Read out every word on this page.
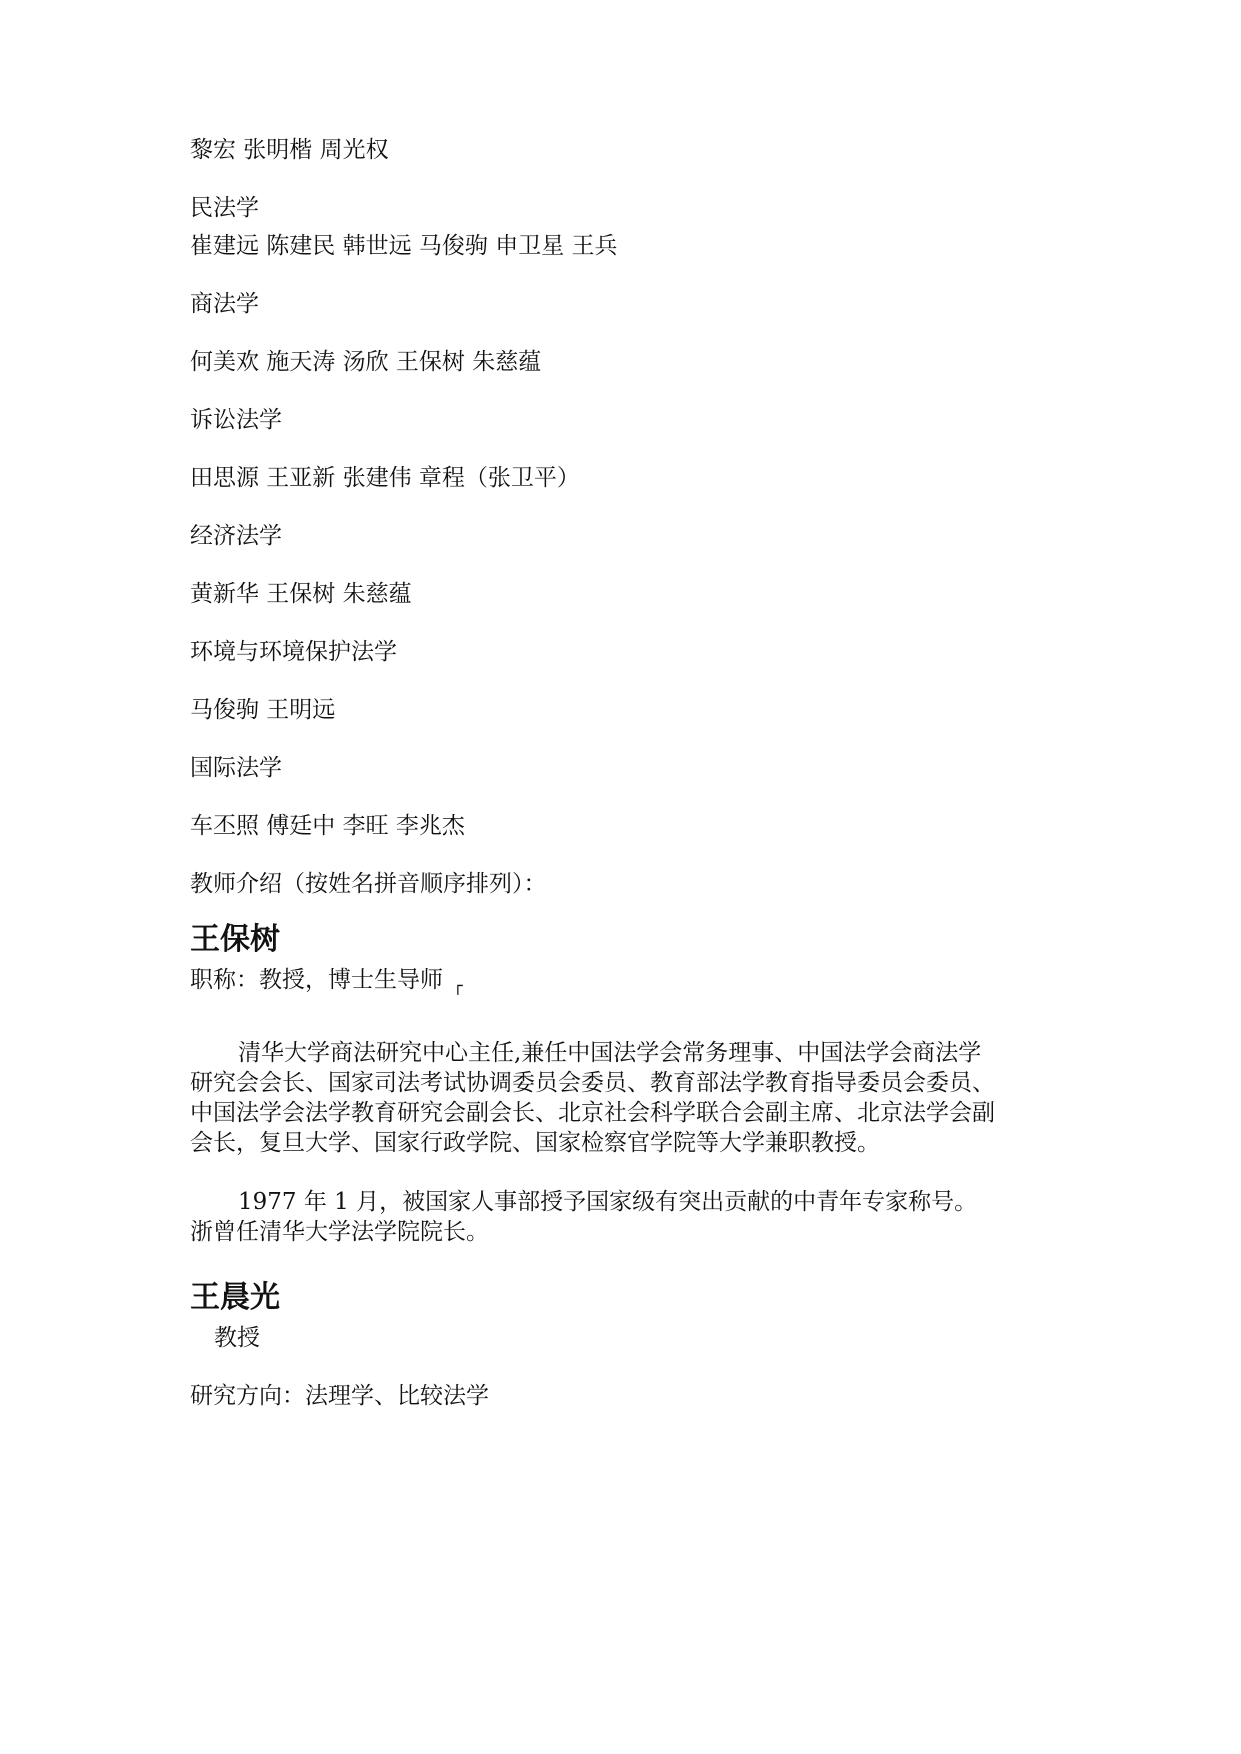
黎宏 张明楷 周光权

民法学

崔建远 陈建民 韩世远 马俊驹 申卫星 王兵

商法学

何美欢 施天涛 汤欣 王保树 朱慈蕴

诉讼法学

田思源 王亚新 张建伟 章程（张卫平）

经济法学

黄新华 王保树 朱慈蕴

环境与环境保护法学

马俊驹 王明远

国际法学

车丕照 傅廷中 李旺 李兆杰

教师介绍（按姓名拼音顺序排列）：

王保树

职称：教授，博士生导师 ┌

清华大学商法研究中心主任,兼任中国法学会常务理事、中国法学会商法学

研究会会长、国家司法考试协调委员会委员、教育部法学教育指导委员会委员、

中国法学会法学教育研究会副会长、北京社会科学联合会副主席、北京法学会副

会长，复旦大学、国家行政学院、国家检察官学院等大学兼职教授。

1977 年 1 月，被国家人事部授予国家级有突出贡献的中青年专家称号。

浙曾任清华大学法学院院长。

王晨光

教授

研究方向：法理学、比较法学
